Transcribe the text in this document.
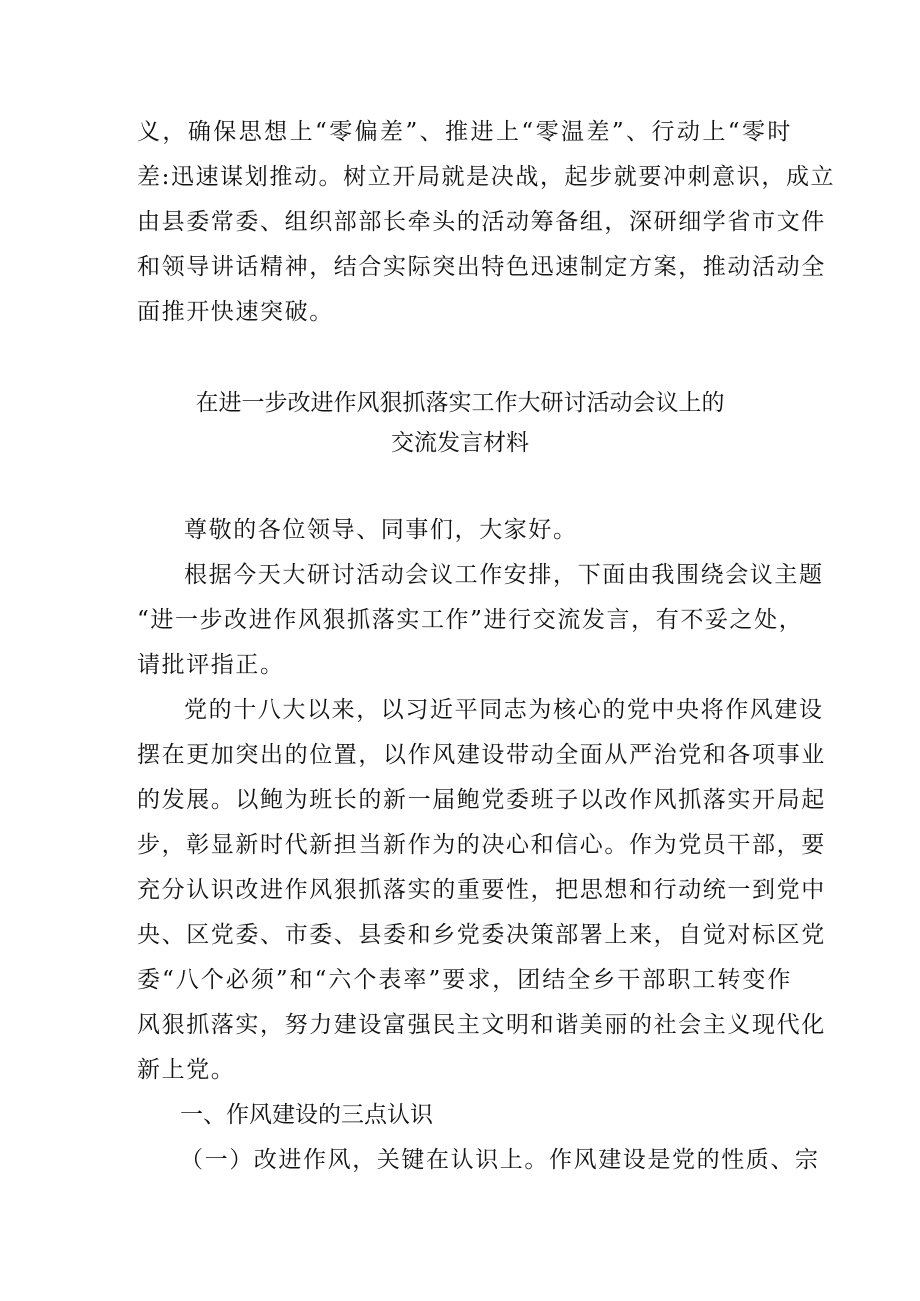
义，确保思想上“零偏差”、推进上“零温差”、行动上“零时
差:迅速谋划推动。树立开局就是决战，起步就要冲刺意识，成立
由县委常委、组织部部长牵头的活动筹备组，深研细学省市文件
和领导讲话精神，结合实际突出特色迅速制定方案，推动活动全
面推开快速突破。
在进一步改进作风狠抓落实工作大研讨活动会议上的
交流发言材料
尊敬的各位领导、同事们，大家好。
根据今天大研讨活动会议工作安排，下面由我围绕会议主题
“进一步改进作风狠抓落实工作”进行交流发言，有不妥之处，
请批评指正。
党的十八大以来，以习近平同志为核心的党中央将作风建设
摆在更加突出的位置，以作风建设带动全面从严治党和各项事业
的发展。以鲍为班长的新一届鲍党委班子以改作风抓落实开局起
步，彰显新时代新担当新作为的决心和信心。作为党员干部，要
充分认识改进作风狠抓落实的重要性，把思想和行动统一到党中
央、区党委、市委、县委和乡党委决策部署上来，自觉对标区党
委“八个必须”和“六个表率”要求，团结全乡干部职工转变作
风狠抓落实，努力建设富强民主文明和谐美丽的社会主义现代化
新上党。
一、作风建设的三点认识
（一）改进作风，关键在认识上。作风建设是党的性质、宗
